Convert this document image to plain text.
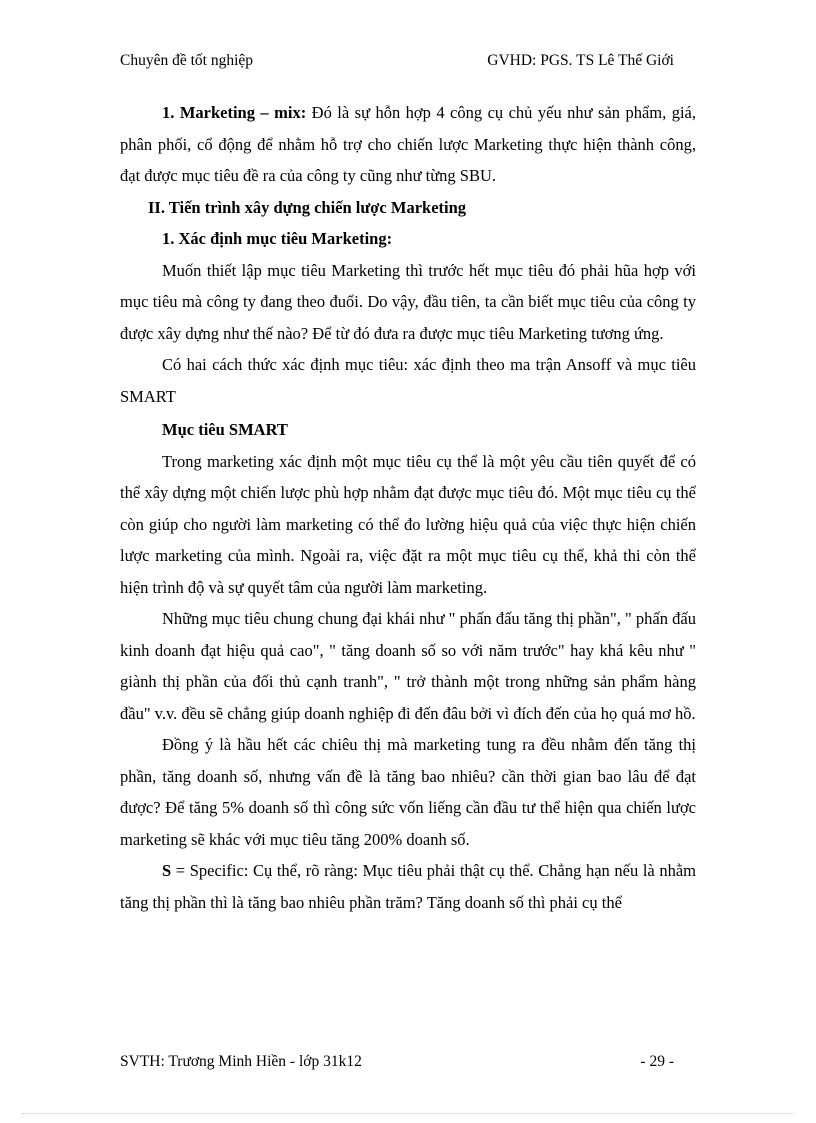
Chuyên đề tốt nghiệp	GVHD: PGS. TS Lê Thế Giới

1. Marketing – mix: Đó là sự hỗn hợp 4 công cụ chủ yếu như sản phẩm, giá, phân phối, cổ động để nhằm hỗ trợ cho chiến lược Marketing thực hiện thành công, đạt được mục tiêu đề ra của công ty cũng như từng SBU.

II. Tiến trình xây dựng chiến lược Marketing

1. Xác định mục tiêu Marketing:

Muốn thiết lập mục tiêu Marketing thì trước hết mục tiêu đó phải hũa hợp với mục tiêu mà công ty đang theo đuổi. Do vậy, đầu tiên, ta cần biết mục tiêu của công ty được xây dựng như thế nào? Để từ đó đưa ra được mục tiêu Marketing tương ứng.

Có hai cách thức xác định mục tiêu: xác định theo ma trận Ansoff và mục tiêu SMART

Mục tiêu SMART

Trong marketing xác định một mục tiêu cụ thể là một yêu cầu tiên quyết để có thể xây dựng một chiến lược phù hợp nhằm đạt được mục tiêu đó. Một mục tiêu cụ thể còn giúp cho người làm marketing có thể đo lường hiệu quả của việc thực hiện chiến lược marketing của mình. Ngoài ra, việc đặt ra một mục tiêu cụ thể, khả thi còn thể hiện trình độ và sự quyết tâm của người làm marketing.

Những mục tiêu chung chung đại khái như " phấn đấu tăng thị phần", " phấn đấu kinh doanh đạt hiệu quả cao", " tăng doanh số so với năm trước" hay khá kêu như " giành thị phần của đối thủ cạnh tranh", " trở thành một trong những sản phẩm hàng đầu" v.v. đều sẽ chẳng giúp doanh nghiệp đi đến đâu bởi vì đích đến của họ quá mơ hồ.

Đồng ý là hầu hết các chiêu thị mà marketing tung ra đều nhằm đến tăng thị phần, tăng doanh số, nhưng vấn đề là tăng bao nhiêu? cần thời gian bao lâu để đạt được? Để tăng 5% doanh số thì công sức vốn liếng cần đầu tư thể hiện qua chiến lược marketing sẽ khác với mục tiêu tăng 200% doanh số.

S = Specific: Cụ thể, rõ ràng: Mục tiêu phải thật cụ thể. Chẳng hạn nếu là nhằm tăng thị phần thì là tăng bao nhiêu phần trăm? Tăng doanh số thì phải cụ thể

SVTH: Trương Minh Hiền - lớp 31k12	- 29 -
